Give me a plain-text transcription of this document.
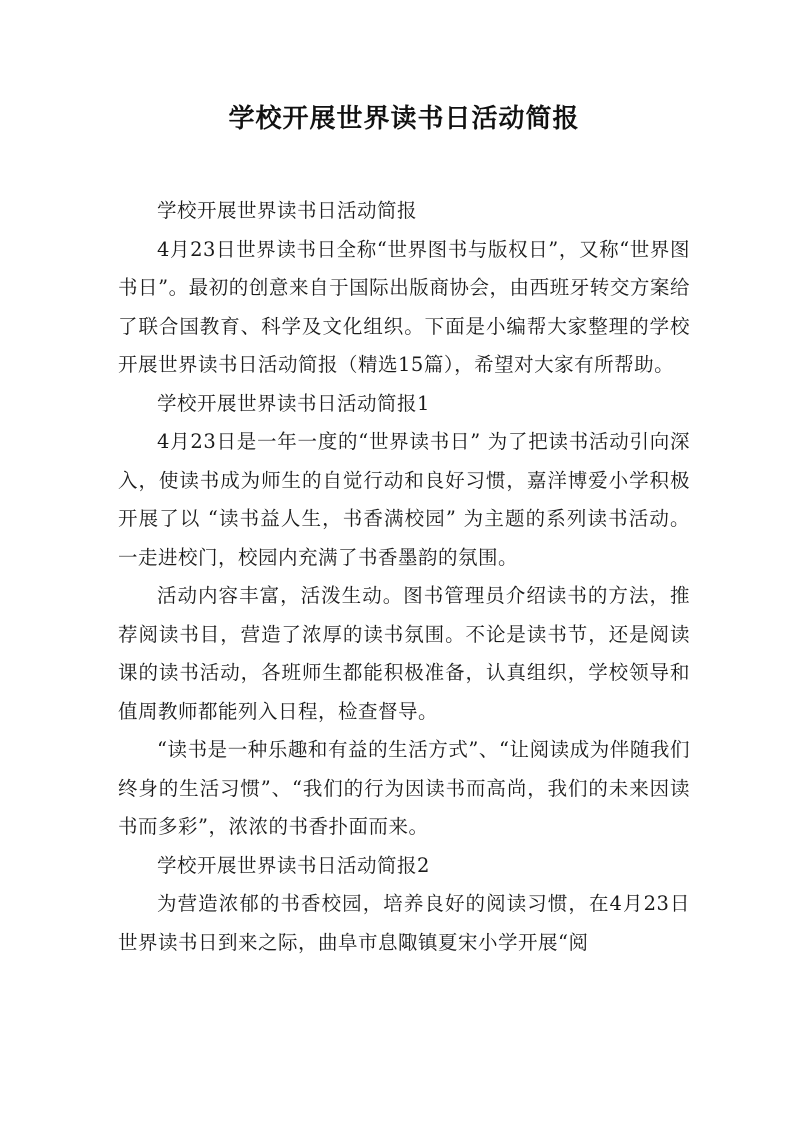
学校开展世界读书日活动简报

学校开展世界读书日活动简报

4月23日世界读书日全称“世界图书与版权日”，又称“世界图书日”。最初的创意来自于国际出版商协会，由西班牙转交方案给了联合国教育、科学及文化组织。下面是小编帮大家整理的学校开展世界读书日活动简报（精选15篇），希望对大家有所帮助。

学校开展世界读书日活动简报1

4月23日是一年一度的“世界读书日” 为了把读书活动引向深入，使读书成为师生的自觉行动和良好习惯，嘉洋博爱小学积极开展了以 “读书益人生，书香满校园” 为主题的系列读书活动。一走进校门，校园内充满了书香墨韵的氛围。

活动内容丰富，活泼生动。图书管理员介绍读书的方法，推荐阅读书目，营造了浓厚的读书氛围。不论是读书节，还是阅读课的读书活动，各班师生都能积极准备，认真组织，学校领导和值周教师都能列入日程，检查督导。

“读书是一种乐趣和有益的生活方式”、“让阅读成为伴随我们终身的生活习惯”、“我们的行为因读书而高尚，我们的未来因读书而多彩”，浓浓的书香扑面而来。

学校开展世界读书日活动简报2

为营造浓郁的书香校园，培养良好的阅读习惯，在4月23日世界读书日到来之际，曲阜市息陬镇夏宋小学开展“阅
